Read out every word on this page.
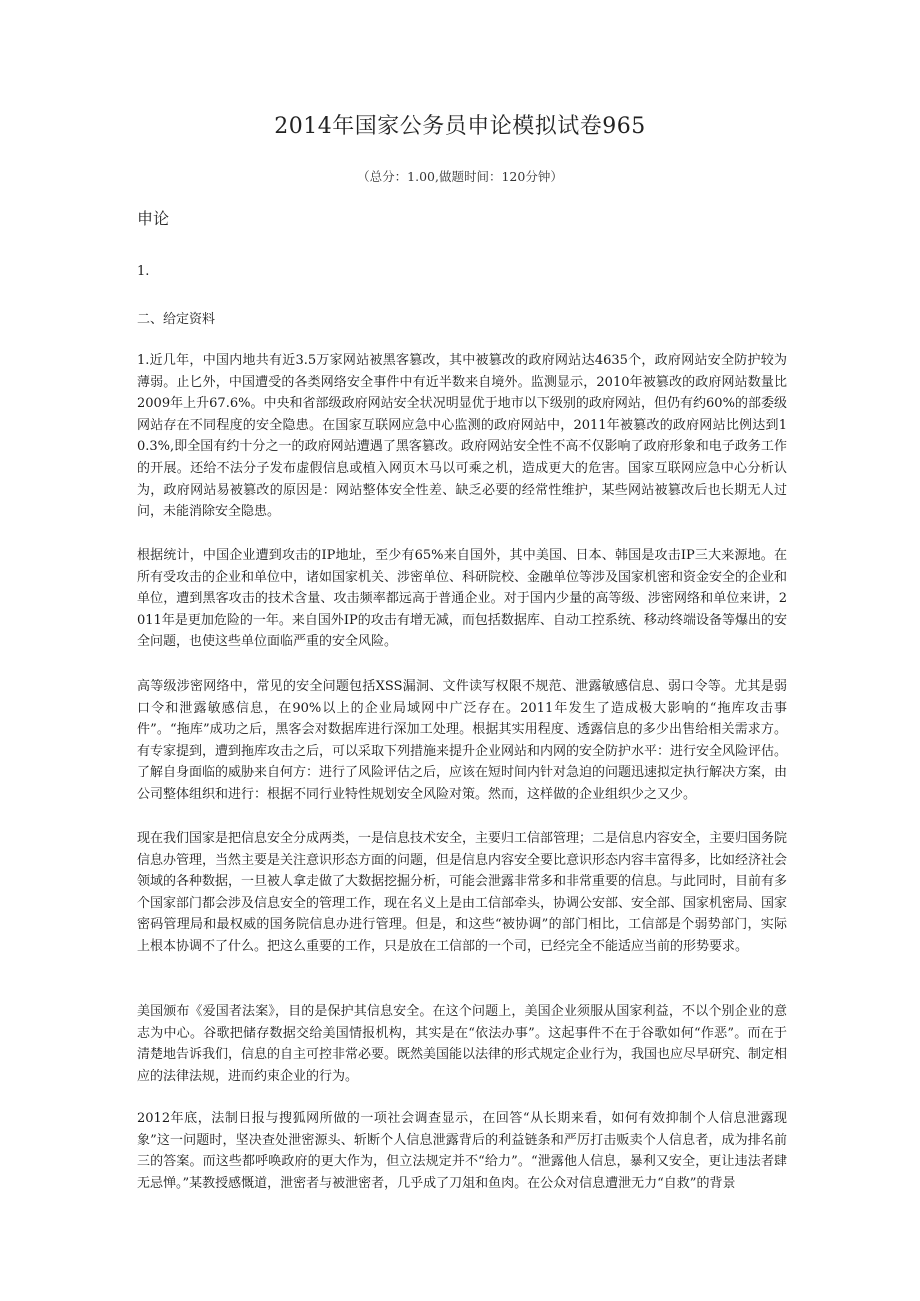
2014年国家公务员申论模拟试卷965
（总分：1.00,做题时间：120分钟）
申论
1.
二、给定资料
1.近几年，中国内地共有近3.5万家网站被黑客篡改，其中被篡改的政府网站达4635个，政府网站安全防护较为薄弱。止匕外，中国遭受的各类网络安全事件中有近半数来自境外。监测显示，2010年被篡改的政府网站数量比2009年上升67.6%。中央和省部级政府网站安全状况明显优于地市以下级别的政府网站，但仍有约60%的部委级网站存在不同程度的安全隐患。在国家互联网应急中心监测的政府网站中，2011年被篡改的政府网站比例达到10.3%,即全国有约十分之一的政府网站遭遇了黑客篡改。政府网站安全性不高不仅影响了政府形象和电子政务工作的开展。还给不法分子发布虚假信息或植入网页木马以可乘之机，造成更大的危害。国家互联网应急中心分析认为，政府网站易被篡改的原因是：网站整体安全性差、缺乏必要的经常性维护，某些网站被篡改后也长期无人过问，未能消除安全隐患。
根据统计，中国企业遭到攻击的IP地址，至少有65%来自国外，其中美国、日本、韩国是攻击IP三大来源地。在所有受攻击的企业和单位中，诸如国家机关、涉密单位、科研院校、金融单位等涉及国家机密和资金安全的企业和单位，遭到黑客攻击的技术含量、攻击频率都远高于普通企业。对于国内少量的高等级、涉密网络和单位来讲，2011年是更加危险的一年。来自国外IP的攻击有增无减，而包括数据库、自动工控系统、移动终端设备等爆出的安全问题，也使这些单位面临严重的安全风险。
高等级涉密网络中，常见的安全问题包括XSS漏洞、文件读写权限不规范、泄露敏感信息、弱口令等。尤其是弱口令和泄露敏感信息，在90%以上的企业局域网中广泛存在。2011年发生了造成极大影响的“拖库攻击事件”。“拖库”成功之后，黑客会对数据库进行深加工处理。根据其实用程度、透露信息的多少出售给相关需求方。有专家提到，遭到拖库攻击之后，可以采取下列措施来提升企业网站和内网的安全防护水平：进行安全风险评估。了解自身面临的威胁来自何方：进行了风险评估之后，应该在短时间内针对急迫的问题迅速拟定执行解决方案，由公司整体组织和进行：根据不同行业特性规划安全风险对策。然而，这样做的企业组织少之又少。
现在我们国家是把信息安全分成两类，一是信息技术安全，主要归工信部管理；二是信息内容安全，主要归国务院信息办管理，当然主要是关注意识形态方面的问题，但是信息内容安全要比意识形态内容丰富得多，比如经济社会领域的各种数据，一旦被人拿走做了大数据挖掘分析，可能会泄露非常多和非常重要的信息。与此同时，目前有多个国家部门都会涉及信息安全的管理工作，现在名义上是由工信部牵头，协调公安部、安全部、国家机密局、国家密码管理局和最权威的国务院信息办进行管理。但是，和这些“被协调”的部门相比，工信部是个弱势部门，实际上根本协调不了什么。把这么重要的工作，只是放在工信部的一个司，已经完全不能适应当前的形势要求。
美国颁布《爱国者法案》，目的是保护其信息安全。在这个问题上，美国企业须服从国家利益，不以个别企业的意志为中心。谷歌把储存数据交给美国情报机构，其实是在“依法办事”。这起事件不在于谷歌如何“作恶”。而在于清楚地告诉我们，信息的自主可控非常必要。既然美国能以法律的形式规定企业行为，我国也应尽早研究、制定相应的法律法规，进而约束企业的行为。
2012年底，法制日报与搜狐网所做的一项社会调查显示，在回答“从长期来看，如何有效抑制个人信息泄露现象”这一问题时，坚决查处泄密源头、斩断个人信息泄露背后的利益链条和严厉打击贩卖个人信息者，成为排名前三的答案。而这些都呼唤政府的更大作为，但立法规定并不“给力”。“泄露他人信息，暴利又安全，更让违法者肆无忌惮。”某教授感慨道，泄密者与被泄密者，几乎成了刀俎和鱼肉。在公众对信息遭泄无力“自救”的背景
